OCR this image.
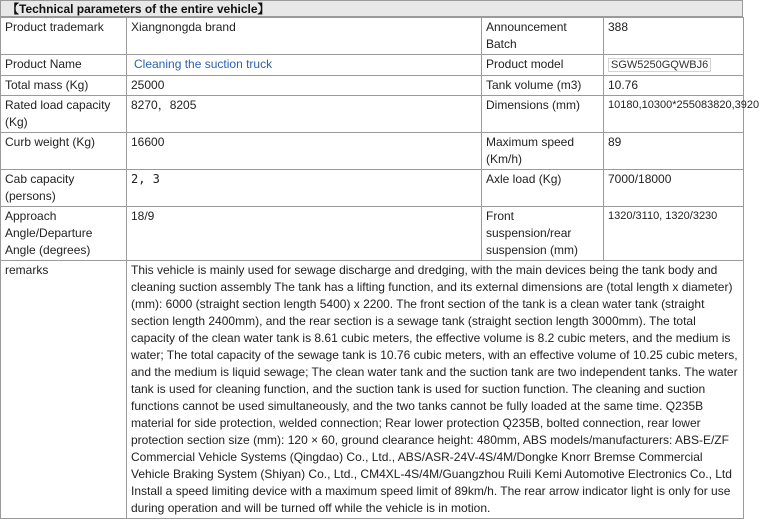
【Technical parameters of the entire vehicle】
Product trademark	Xiangnongda brand	Announcement Batch	388
Product Name	Cleaning the suction truck	Product model	SGW5250GQWBJ6
Total mass (Kg)	25000	Tank volume (m3)	10.76
Rated load capacity (Kg)	8270，8205	Dimensions (mm)	10180,10300*255083820,3920
Curb weight (Kg)	16600	Maximum speed (Km/h)	89
Cab capacity (persons)	2, 3	Axle load (Kg)	7000/18000
Approach Angle/Departure Angle (degrees)	18/9	Front suspension/rear suspension (mm)	1320/3110, 1320/3230
remarks	This vehicle is mainly used for sewage discharge and dredging, with the main devices being the tank body and cleaning suction assembly The tank has a lifting function, and its external dimensions are (total length x diameter) (mm): 6000 (straight section length 5400) x 2200. The front section of the tank is a clean water tank (straight section length 2400mm), and the rear section is a sewage tank (straight section length 3000mm). The total capacity of the clean water tank is 8.61 cubic meters, the effective volume is 8.2 cubic meters, and the medium is water; The total capacity of the sewage tank is 10.76 cubic meters, with an effective volume of 10.25 cubic meters, and the medium is liquid sewage; The clean water tank and the suction tank are two independent tanks. The water tank is used for cleaning function, and the suction tank is used for suction function. The cleaning and suction functions cannot be used simultaneously, and the two tanks cannot be fully loaded at the same time. Q235B material for side protection, welded connection; Rear lower protection Q235B, bolted connection, rear lower protection section size (mm): 120 × 60, ground clearance height: 480mm, ABS models/manufacturers: ABS-E/ZF Commercial Vehicle Systems (Qingdao) Co., Ltd., ABS/ASR-24V-4S/4M/Dongke Knorr Bremse Commercial Vehicle Braking System (Shiyan) Co., Ltd., CM4XL-4S/4M/Guangzhou Ruili Kemi Automotive Electronics Co., Ltd Install a speed limiting device with a maximum speed limit of 89km/h. The rear arrow indicator light is only for use during operation and will be turned off while the vehicle is in motion.		
